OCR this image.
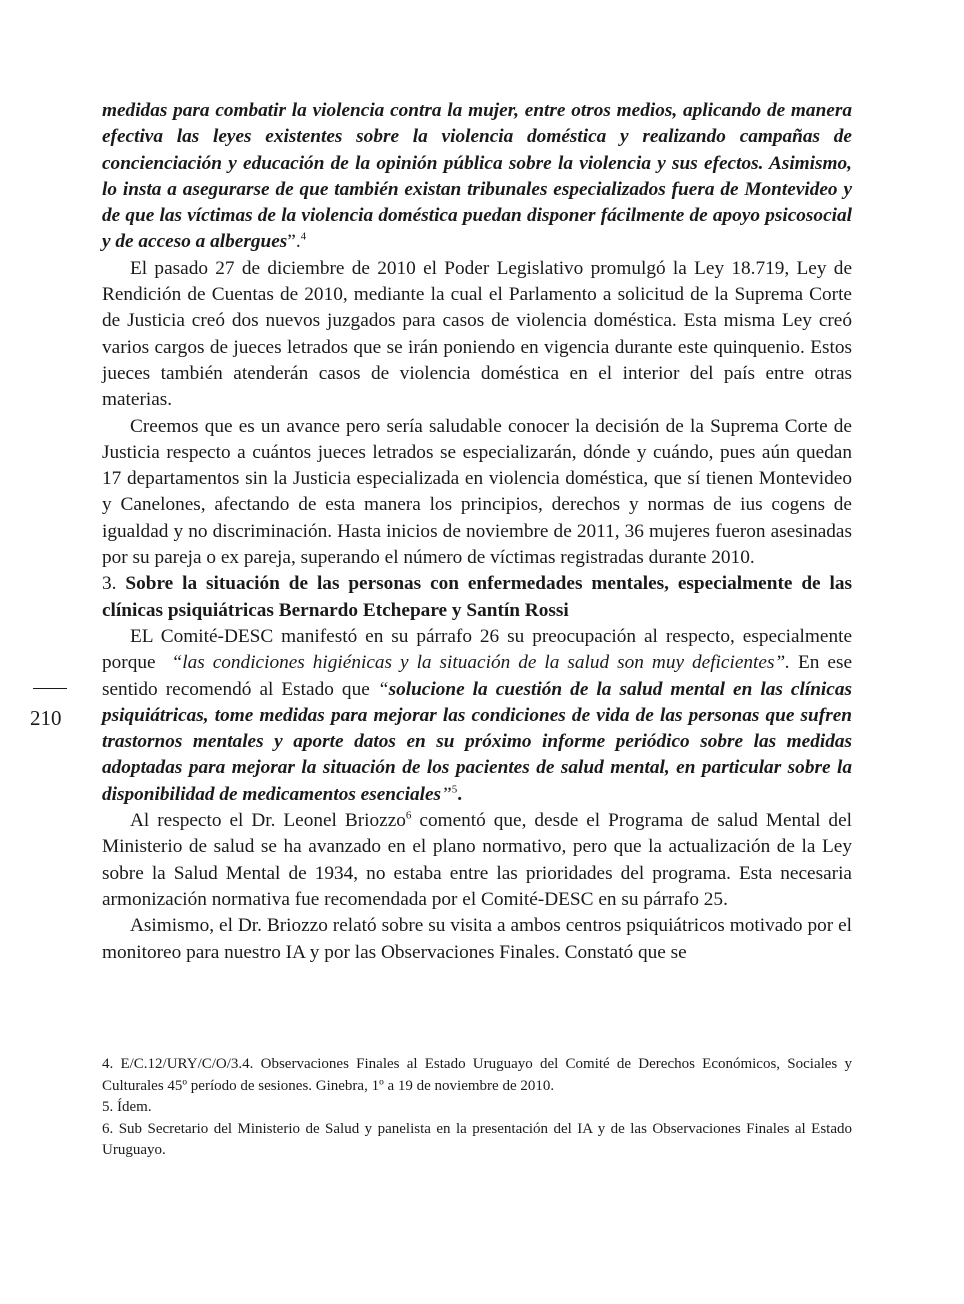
medidas para combatir la violencia contra la mujer, entre otros medios, aplicando de manera efectiva las leyes existentes sobre la violencia doméstica y realizando campañas de concienciación y educación de la opinión pública sobre la violencia y sus efectos. Asimismo, lo insta a asegurarse de que también existan tribunales especializados fuera de Montevideo y de que las víctimas de la violencia doméstica puedan disponer fácilmente de apoyo psicosocial y de acceso a albergues”.$^4$

El pasado 27 de diciembre de 2010 el Poder Legislativo promulgó la Ley 18.719, Ley de Rendición de Cuentas de 2010, mediante la cual el Parlamento a solicitud de la Suprema Corte de Justicia creó dos nuevos juzgados para casos de violencia doméstica. Esta misma Ley creó varios cargos de jueces letrados que se irán poniendo en vigencia durante este quinquenio. Estos jueces también atenderán casos de violencia doméstica en el interior del país entre otras materias.

Creemos que es un avance pero sería saludable conocer la decisión de la Suprema Corte de Justicia respecto a cuántos jueces letrados se especializarán, dónde y cuándo, pues aún quedan 17 departamentos sin la Justicia especializada en violencia doméstica, que sí tienen Montevideo y Canelones, afectando de esta manera los principios, derechos y normas de ius cogens de igualdad y no discriminación. Hasta inicios de noviembre de 2011, 36 mujeres fueron asesinadas por su pareja o ex pareja, superando el número de víctimas registradas durante 2010.

3. Sobre la situación de las personas con enfermedades mentales, especialmente de las clínicas psiquiátricas Bernardo Etchepare y Santín Rossi

EL Comité-DESC manifestó en su párrafo 26 su preocupación al respecto, especialmente porque “las condiciones higiénicas y la situación de la salud son muy deficientes”. En ese sentido recomendó al Estado que “solucione la cuestión de la salud mental en las clínicas psiquiátricas, tome medidas para mejorar las condiciones de vida de las personas que sufren trastornos mentales y aporte datos en su próximo informe periódico sobre las medidas adoptadas para mejorar la situación de los pacientes de salud mental, en particular sobre la disponibilidad de medicamentos esenciales”$^5$.

Al respecto el Dr. Leonel Briozzo$^6$ comentó que, desde el Programa de salud Mental del Ministerio de salud se ha avanzado en el plano normativo, pero que la actualización de la Ley sobre la Salud Mental de 1934, no estaba entre las prioridades del programa. Esta necesaria armonización normativa fue recomendada por el Comité-DESC en su párrafo 25.

Asimismo, el Dr. Briozzo relató sobre su visita a ambos centros psiquiátricos motivado por el monitoreo para nuestro IA y por las Observaciones Finales. Constató que se

210

4. E/C.12/URY/C/O/3.4. Observaciones Finales al Estado Uruguayo del Comité de Derechos Económicos, Sociales y Culturales 45º período de sesiones. Ginebra, 1º a 19 de noviembre de 2010.

5. Ídem.

6. Sub Secretario del Ministerio de Salud y panelista en la presentación del IA y de las Observaciones Finales al Estado Uruguayo.
